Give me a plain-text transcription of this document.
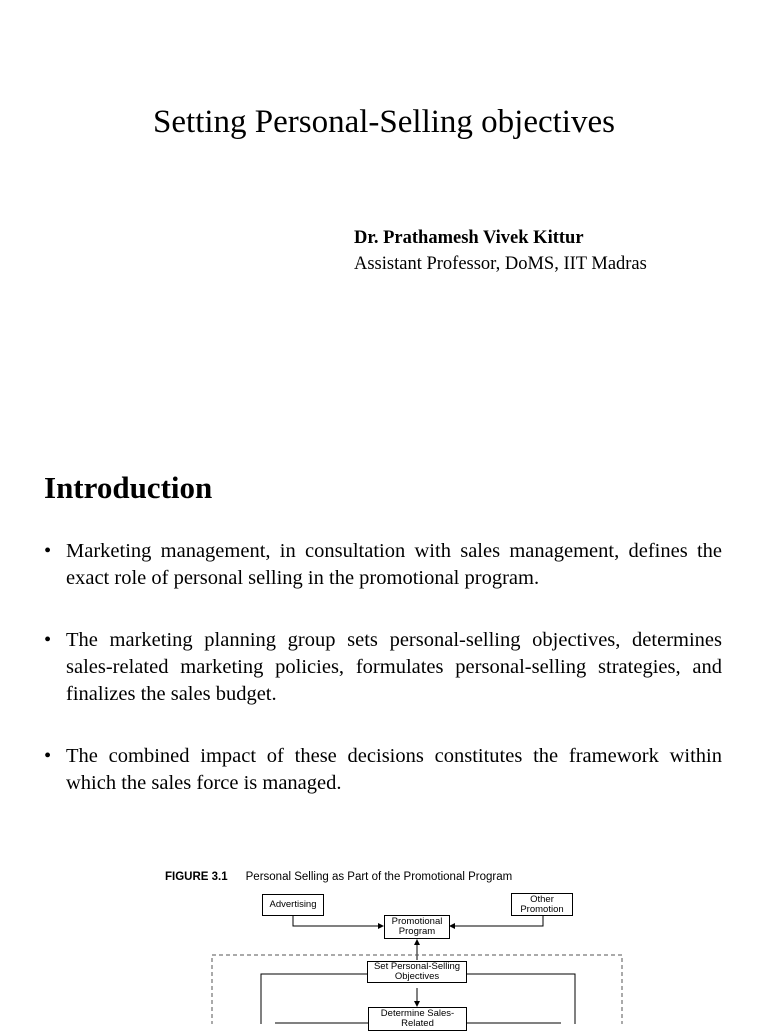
Setting Personal-Selling objectives
Dr. Prathamesh Vivek Kittur
Assistant Professor, DoMS, IIT Madras
Introduction
• Marketing management, in consultation with sales management, defines the exact role of personal selling in the promotional program.
• The marketing planning group sets personal-selling objectives, determines sales-related marketing policies, formulates personal-selling strategies, and finalizes the sales budget.
• The combined impact of these decisions constitutes the framework within which the sales force is managed.
FIGURE 3.1 Personal Selling as Part of the Promotional Program
Advertising	Other Promotion
Promotional Program
Set Personal-Selling Objectives
Determine Sales-Related
